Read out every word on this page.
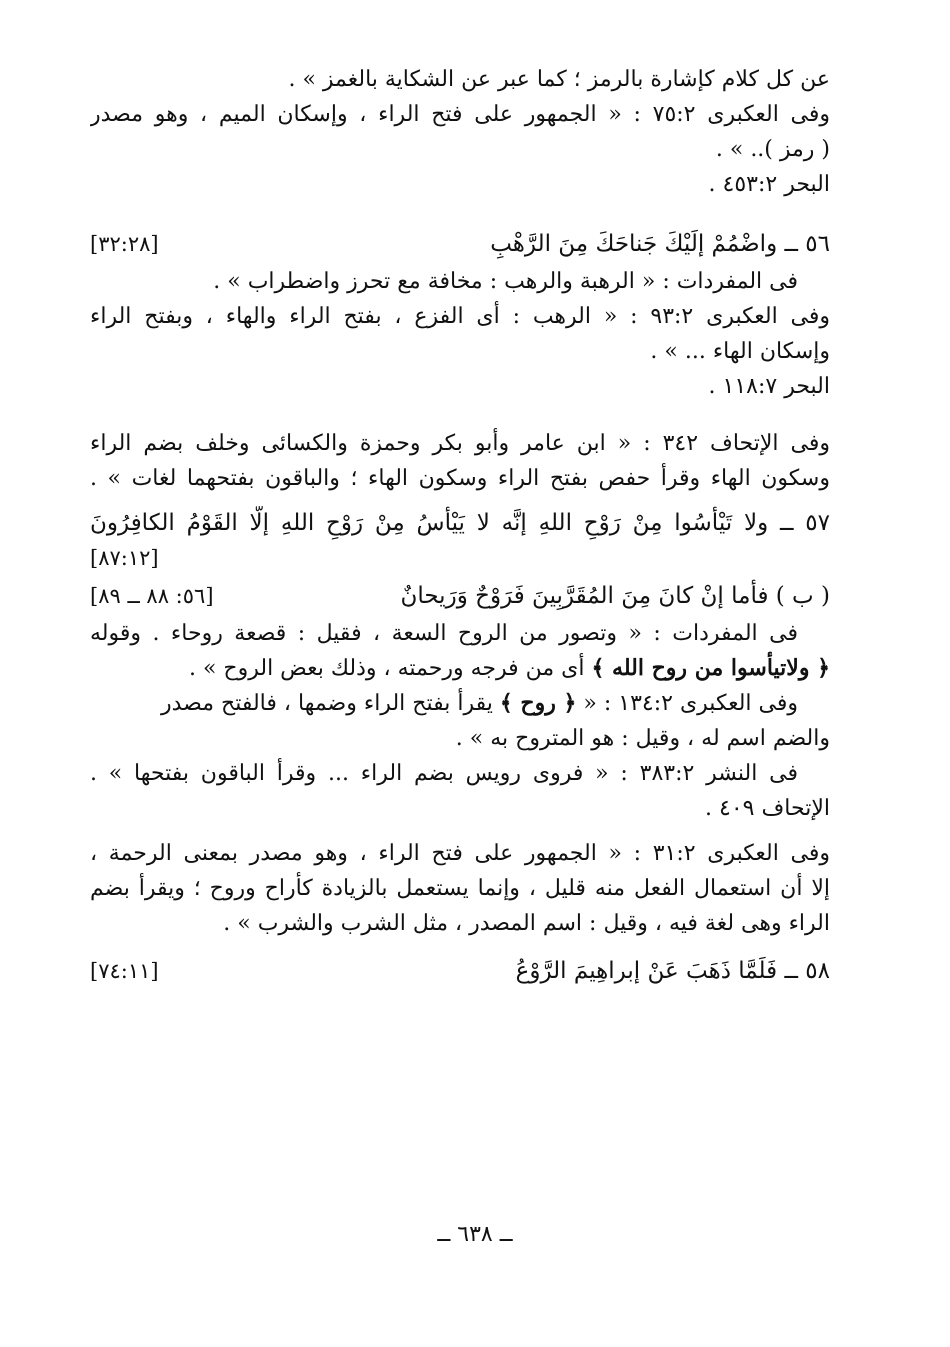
عن كل كلام كإشارة بالرمز ؛ كما عبر عن الشكاية بالغمز » .
وفى العكبرى ٧٥:٢ : « الجمهور على فتح الراء ، وإسكان الميم ، وهو مصدر
( رمز ).. » .
البحر ٤٥٣:٢ .
٥٦ ــ واضْمُمْ إلَيْكَ جَناحَكَ مِنَ الرَّهْبِ
[٣٢:٢٨]
فى المفردات : « الرهبة والرهب : مخافة مع تحرز واضطراب » .
وفى العكبرى ٩٣:٢ : « الرهب : أى الفزع ، بفتح الراء والهاء ، وبفتح الراء
وإسكان الهاء ... » .
البحر ١١٨:٧ .
وفى الإتحاف ٣٤٢ : « ابن عامر وأبو بكر وحمزة والكسائى وخلف بضم الراء
وسكون الهاء وقرأ حفص بفتح الراء وسكون الهاء ؛ والباقون بفتحهما لغات » .
٥٧ ــ ولا تَيْأَسُوا مِنْ رَوْحِ اللهِ إنَّه لا يَيْأَسُ مِنْ رَوْحِ اللهِ إلَّا القَوْمُ الكافِرُونَ
[٨٧:١٢]
( ب ) فأما إنْ كانَ مِنَ المُقَرَّبِينَ فَرَوْحٌ وَرَيحانٌ
[٥٦: ٨٨ ــ ٨٩]
فى المفردات : « وتصور من الروح السعة ، فقيل : قصعة روحاء . وقوله
﴿ ولاتيأسوا من روح الله ﴾ أى من فرجه ورحمته ، وذلك بعض الروح » .
وفى العكبرى ١٣٤:٢ : « ﴿ روح ﴾ يقرأ بفتح الراء وضمها ، فالفتح مصدر
والضم اسم له ، وقيل : هو المتروح به » .
فى النشر ٣٨٣:٢ : « فروى رويس بضم الراء ... وقرأ الباقون بفتحها » .
الإتحاف ٤٠٩ .
وفى العكبرى ٣١:٢ : « الجمهور على فتح الراء ، وهو مصدر بمعنى الرحمة ،
إلا أن استعمال الفعل منه قليل ، وإنما يستعمل بالزيادة كأراح وروح ؛ ويقرأ بضم
الراء وهى لغة فيه ، وقيل : اسم المصدر ، مثل الشرب والشرب » .
٥٨ ــ فَلَمَّا ذَهَبَ عَنْ إبراهِيمَ الرَّوْعُ
[٧٤:١١]
ــ ٦٣٨ ــ
